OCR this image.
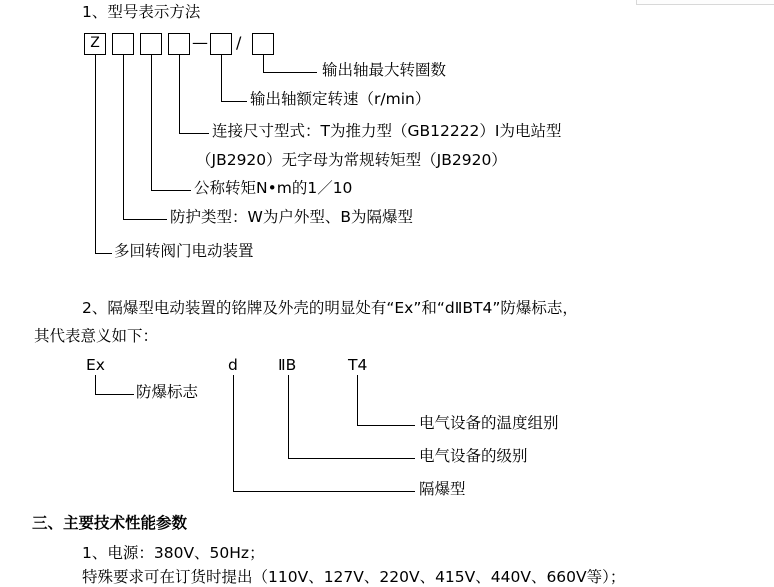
1、型号表示方法
Z	— /
输出轴最大转圈数
输出轴额定转速（r/min）
连接尺寸型式：T为推力型（GB12222）I为电站型
（JB2920）无字母为常规转矩型（JB2920）
公称转矩N•m的1／10
防护类型：W为户外型、B为隔爆型
多回转阀门电动装置
2、隔爆型电动装置的铭牌及外壳的明显处有“Ex”和“dⅡBT4”防爆标志，
其代表意义如下：
Ex	d	ⅡB	T4
防爆标志
电气设备的温度组别
电气设备的级别
隔爆型
三、主要技术性能参数
1、电源：380V、50Hz；
特殊要求可在订货时提出（110V、127V、220V、415V、440V、660V等）；
